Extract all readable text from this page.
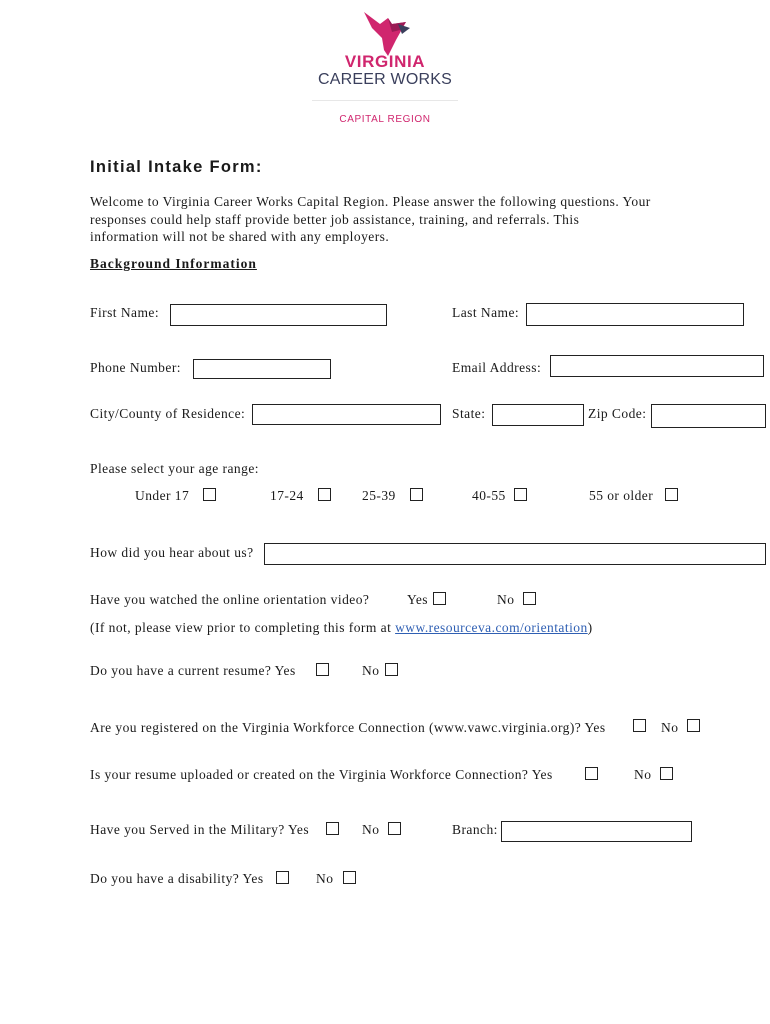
VIRGINIA
CAREER WORKS
CAPITAL REGION
Initial Intake Form:
Welcome to Virginia Career Works Capital Region. Please answer the following questions. Your
responses could help staff provide better job assistance, training, and referrals. This
information will not be shared with any employers.
Background Information
First Name:	Last Name:
Phone Number:	Email Address:
City/County of Residence:	State:	Zip Code:
Please select your age range:
Under 17	17-24	25-39	40-55	55 or older
How did you hear about us?
Have you watched the online orientation video?	Yes	No
(If not, please view prior to completing this form at www.resourceva.com/orientation)
Do you have a current resume? Yes	No
Are you registered on the Virginia Workforce Connection (www.vawc.virginia.org)? Yes	No
Is your resume uploaded or created on the Virginia Workforce Connection? Yes	No
Have you Served in the Military? Yes	No	Branch:
Do you have a disability? Yes	No
